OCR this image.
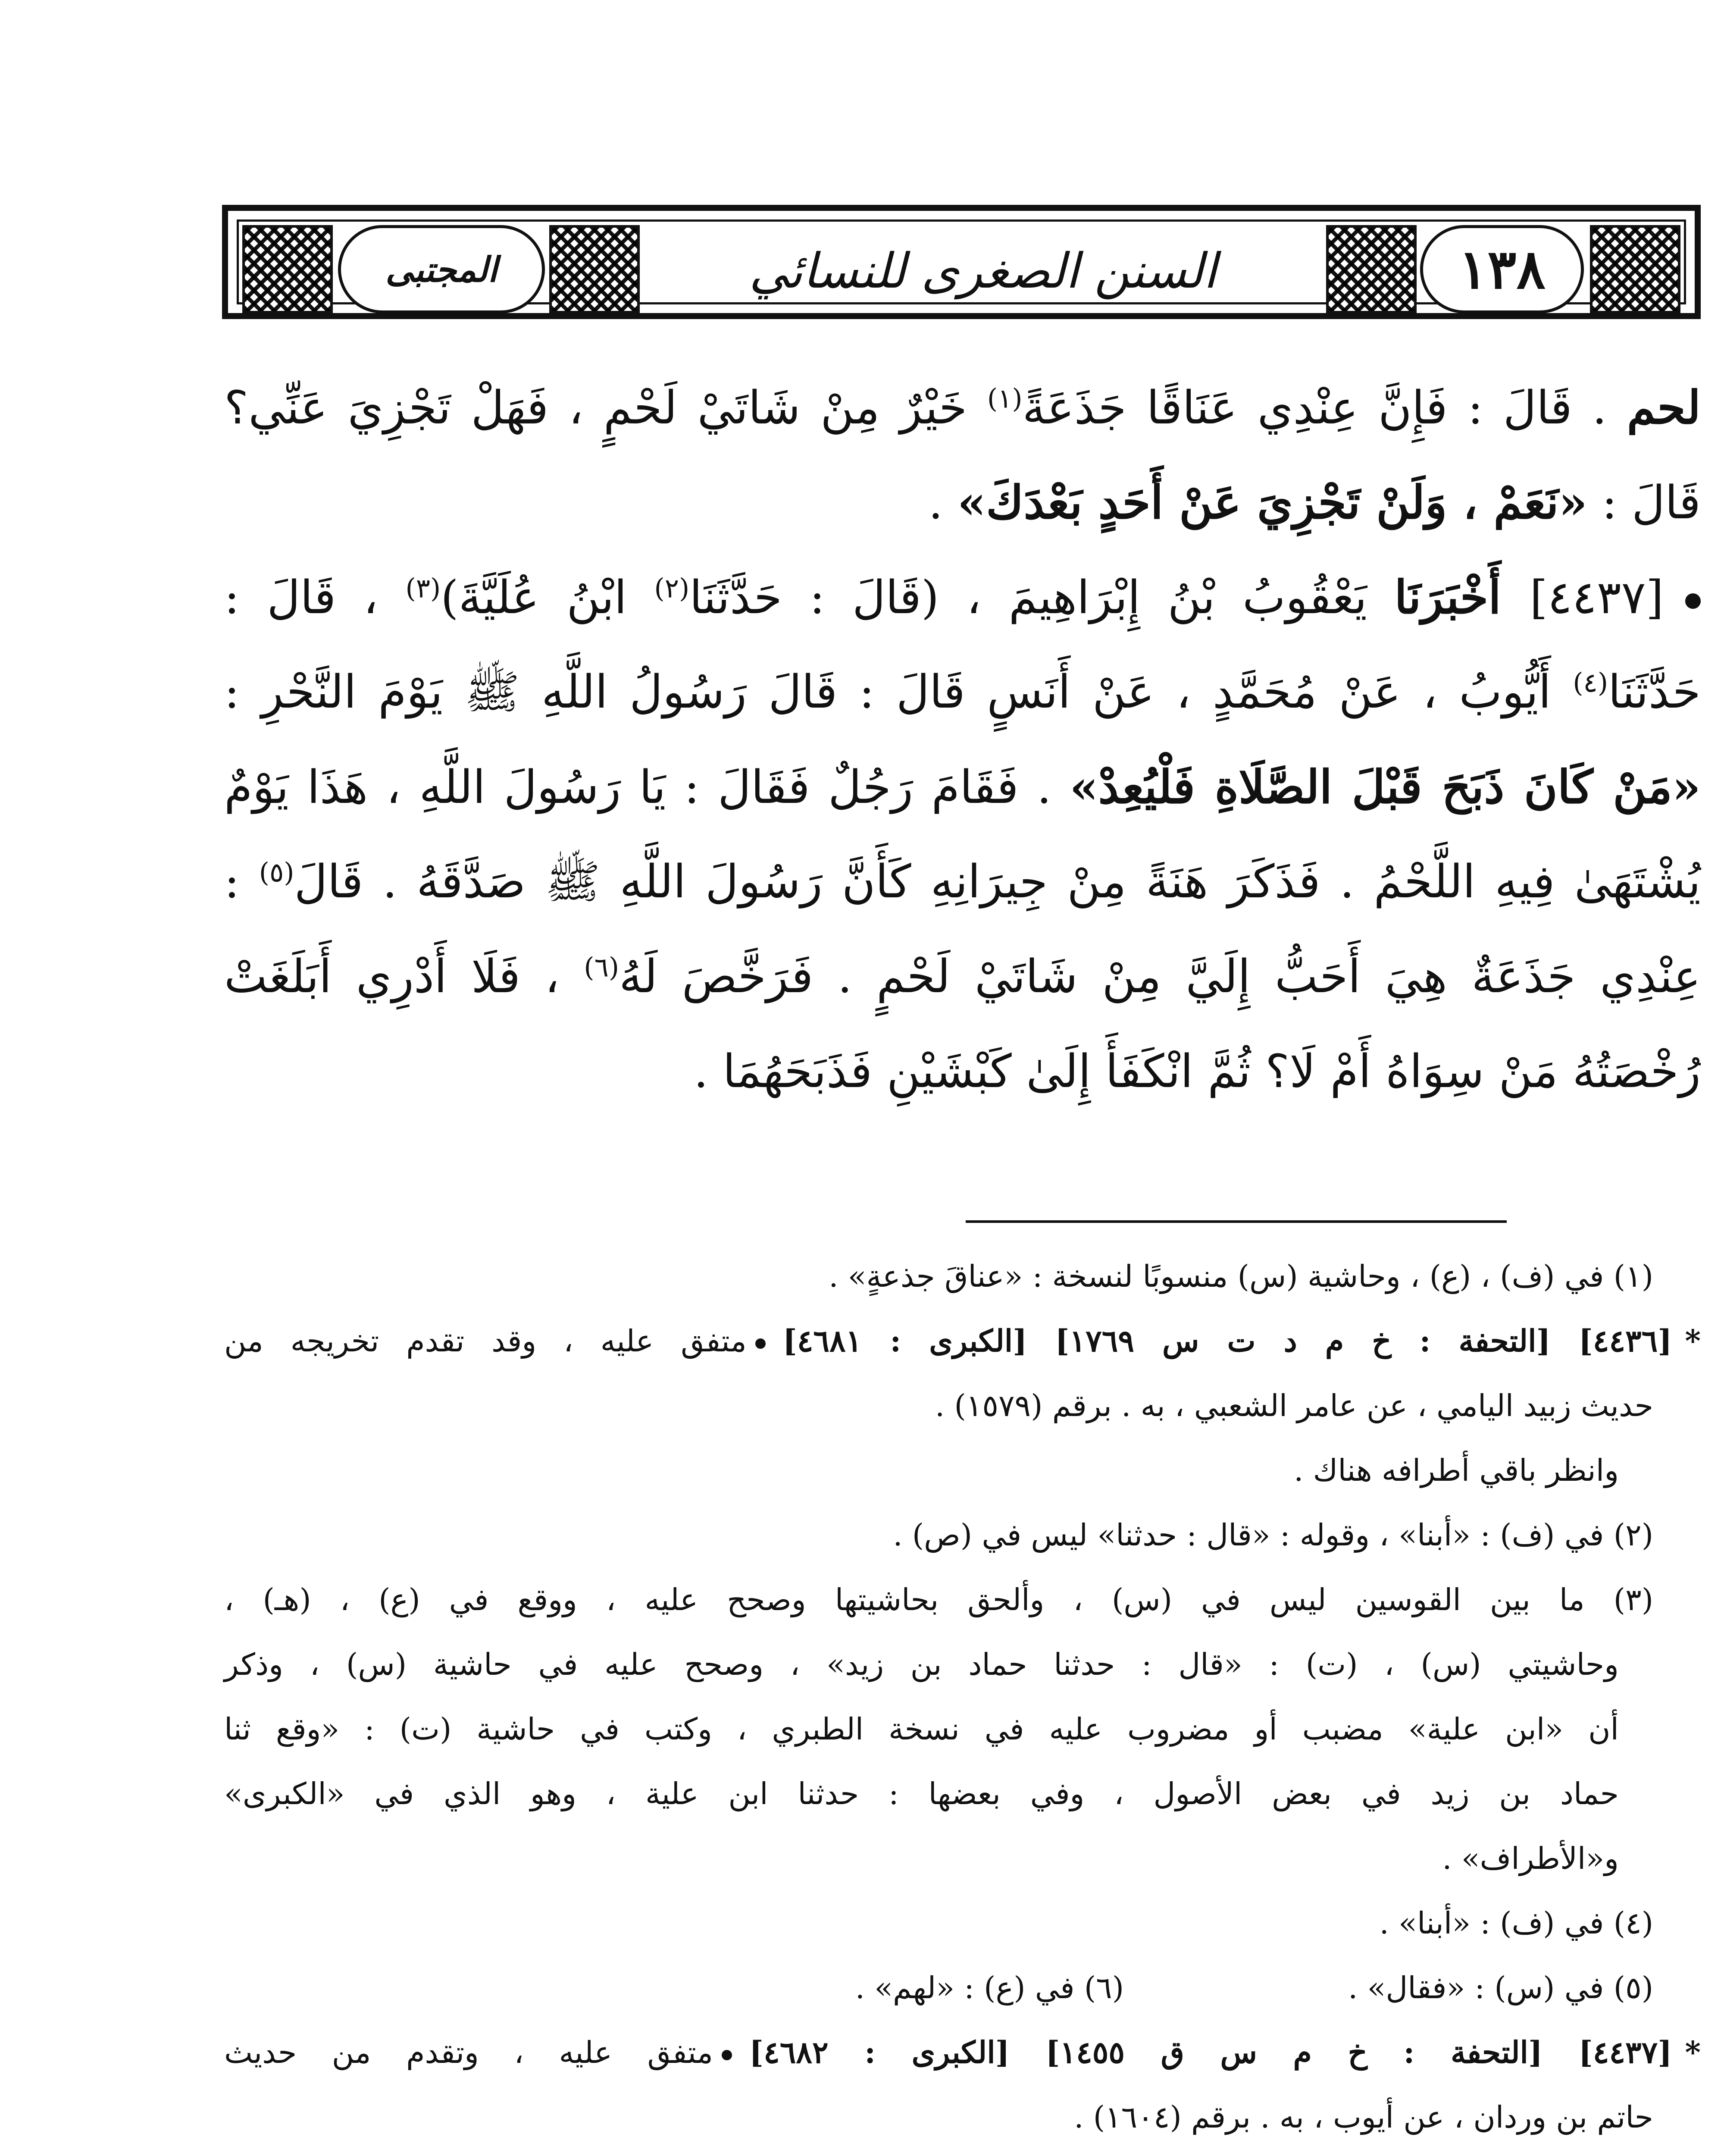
١٣٨
السنن الصغرى للنسائي
المجتبى
لحم . قَالَ : فَإِنَّ عِنْدِي عَنَاقًا جَذَعَةً$^{(١)}$ خَيْرٌ مِنْ شَاتَيْ لَحْمٍ ، فَهَلْ تَجْزِيَ عَنِّي؟
قَالَ : «نَعَمْ ، وَلَنْ تَجْزِيَ عَنْ أَحَدٍ بَعْدَكَ» .
[٤٤٣٧] أَخْبَرَنَا يَعْقُوبُ بْنُ إِبْرَاهِيمَ ، (قَالَ : حَدَّثَنَا$^{(٢)}$ ابْنُ عُلَيَّةَ)$^{(٣)}$ ، قَالَ :
حَدَّثَنَا$^{(٤)}$ أَيُّوبُ ، عَنْ مُحَمَّدٍ ، عَنْ أَنَسٍ قَالَ : قَالَ رَسُولُ اللَّهِ ﷺ يَوْمَ النَّحْرِ :
«مَنْ كَانَ ذَبَحَ قَبْلَ الصَّلَاةِ فَلْيُعِدْ» . فَقَامَ رَجُلٌ فَقَالَ : يَا رَسُولَ اللَّهِ ، هَذَا يَوْمٌ
يُشْتَهَىٰ فِيهِ اللَّحْمُ . فَذَكَرَ هَنَةً مِنْ جِيرَانِهِ كَأَنَّ رَسُولَ اللَّهِ ﷺ صَدَّقَهُ . قَالَ$^{(٥)}$ :
عِنْدِي جَذَعَةٌ هِيَ أَحَبُّ إِلَيَّ مِنْ شَاتَيْ لَحْمٍ . فَرَخَّصَ لَهُ$^{(٦)}$ ، فَلَا أَدْرِي أَبَلَغَتْ
رُخْصَتُهُ مَنْ سِوَاهُ أَمْ لَا؟ ثُمَّ انْكَفَأَ إِلَىٰ كَبْشَيْنِ فَذَبَحَهُمَا .
(١) في (ف) ، (ع) ، وحاشية (س) منسوبًا لنسخة : «عناقَ جذعةٍ» .
*[٤٤٣٦] [التحفة : خ م د ت س ١٧٦٩] [الكبرى : ٤٦٨١]متفق عليه ، وقد تقدم تخريجه من
حديث زبيد اليامي ، عن عامر الشعبي ، به . برقم (١٥٧٩) .
وانظر باقي أطرافه هناك .
(٢) في (ف) : «أبنا» ، وقوله : «قال : حدثنا» ليس في (ص) .
(٣) ما بين القوسين ليس في (س) ، وألحق بحاشيتها وصحح عليه ، ووقع في (ع) ، (هـ) ،
وحاشيتي (س) ، (ت) : «قال : حدثنا حماد بن زيد» ، وصحح عليه في حاشية (س) ، وذكر
أن «ابن علية» مضبب أو مضروب عليه في نسخة الطبري ، وكتب في حاشية (ت) : «وقع ثنا
حماد بن زيد في بعض الأصول ، وفي بعضها : حدثنا ابن علية ، وهو الذي في «الكبرى»
و«الأطراف» .
(٤) في (ف) : «أبنا» .
(٥) في (س) : «فقال» .(٦) في (ع) : «لهم» .
*[٤٤٣٧] [التحفة : خ م س ق ١٤٥٥] [الكبرى : ٤٦٨٢]متفق عليه ، وتقدم من حديث
حاتم بن وردان ، عن أيوب ، به . برقم (١٦٠٤) .
